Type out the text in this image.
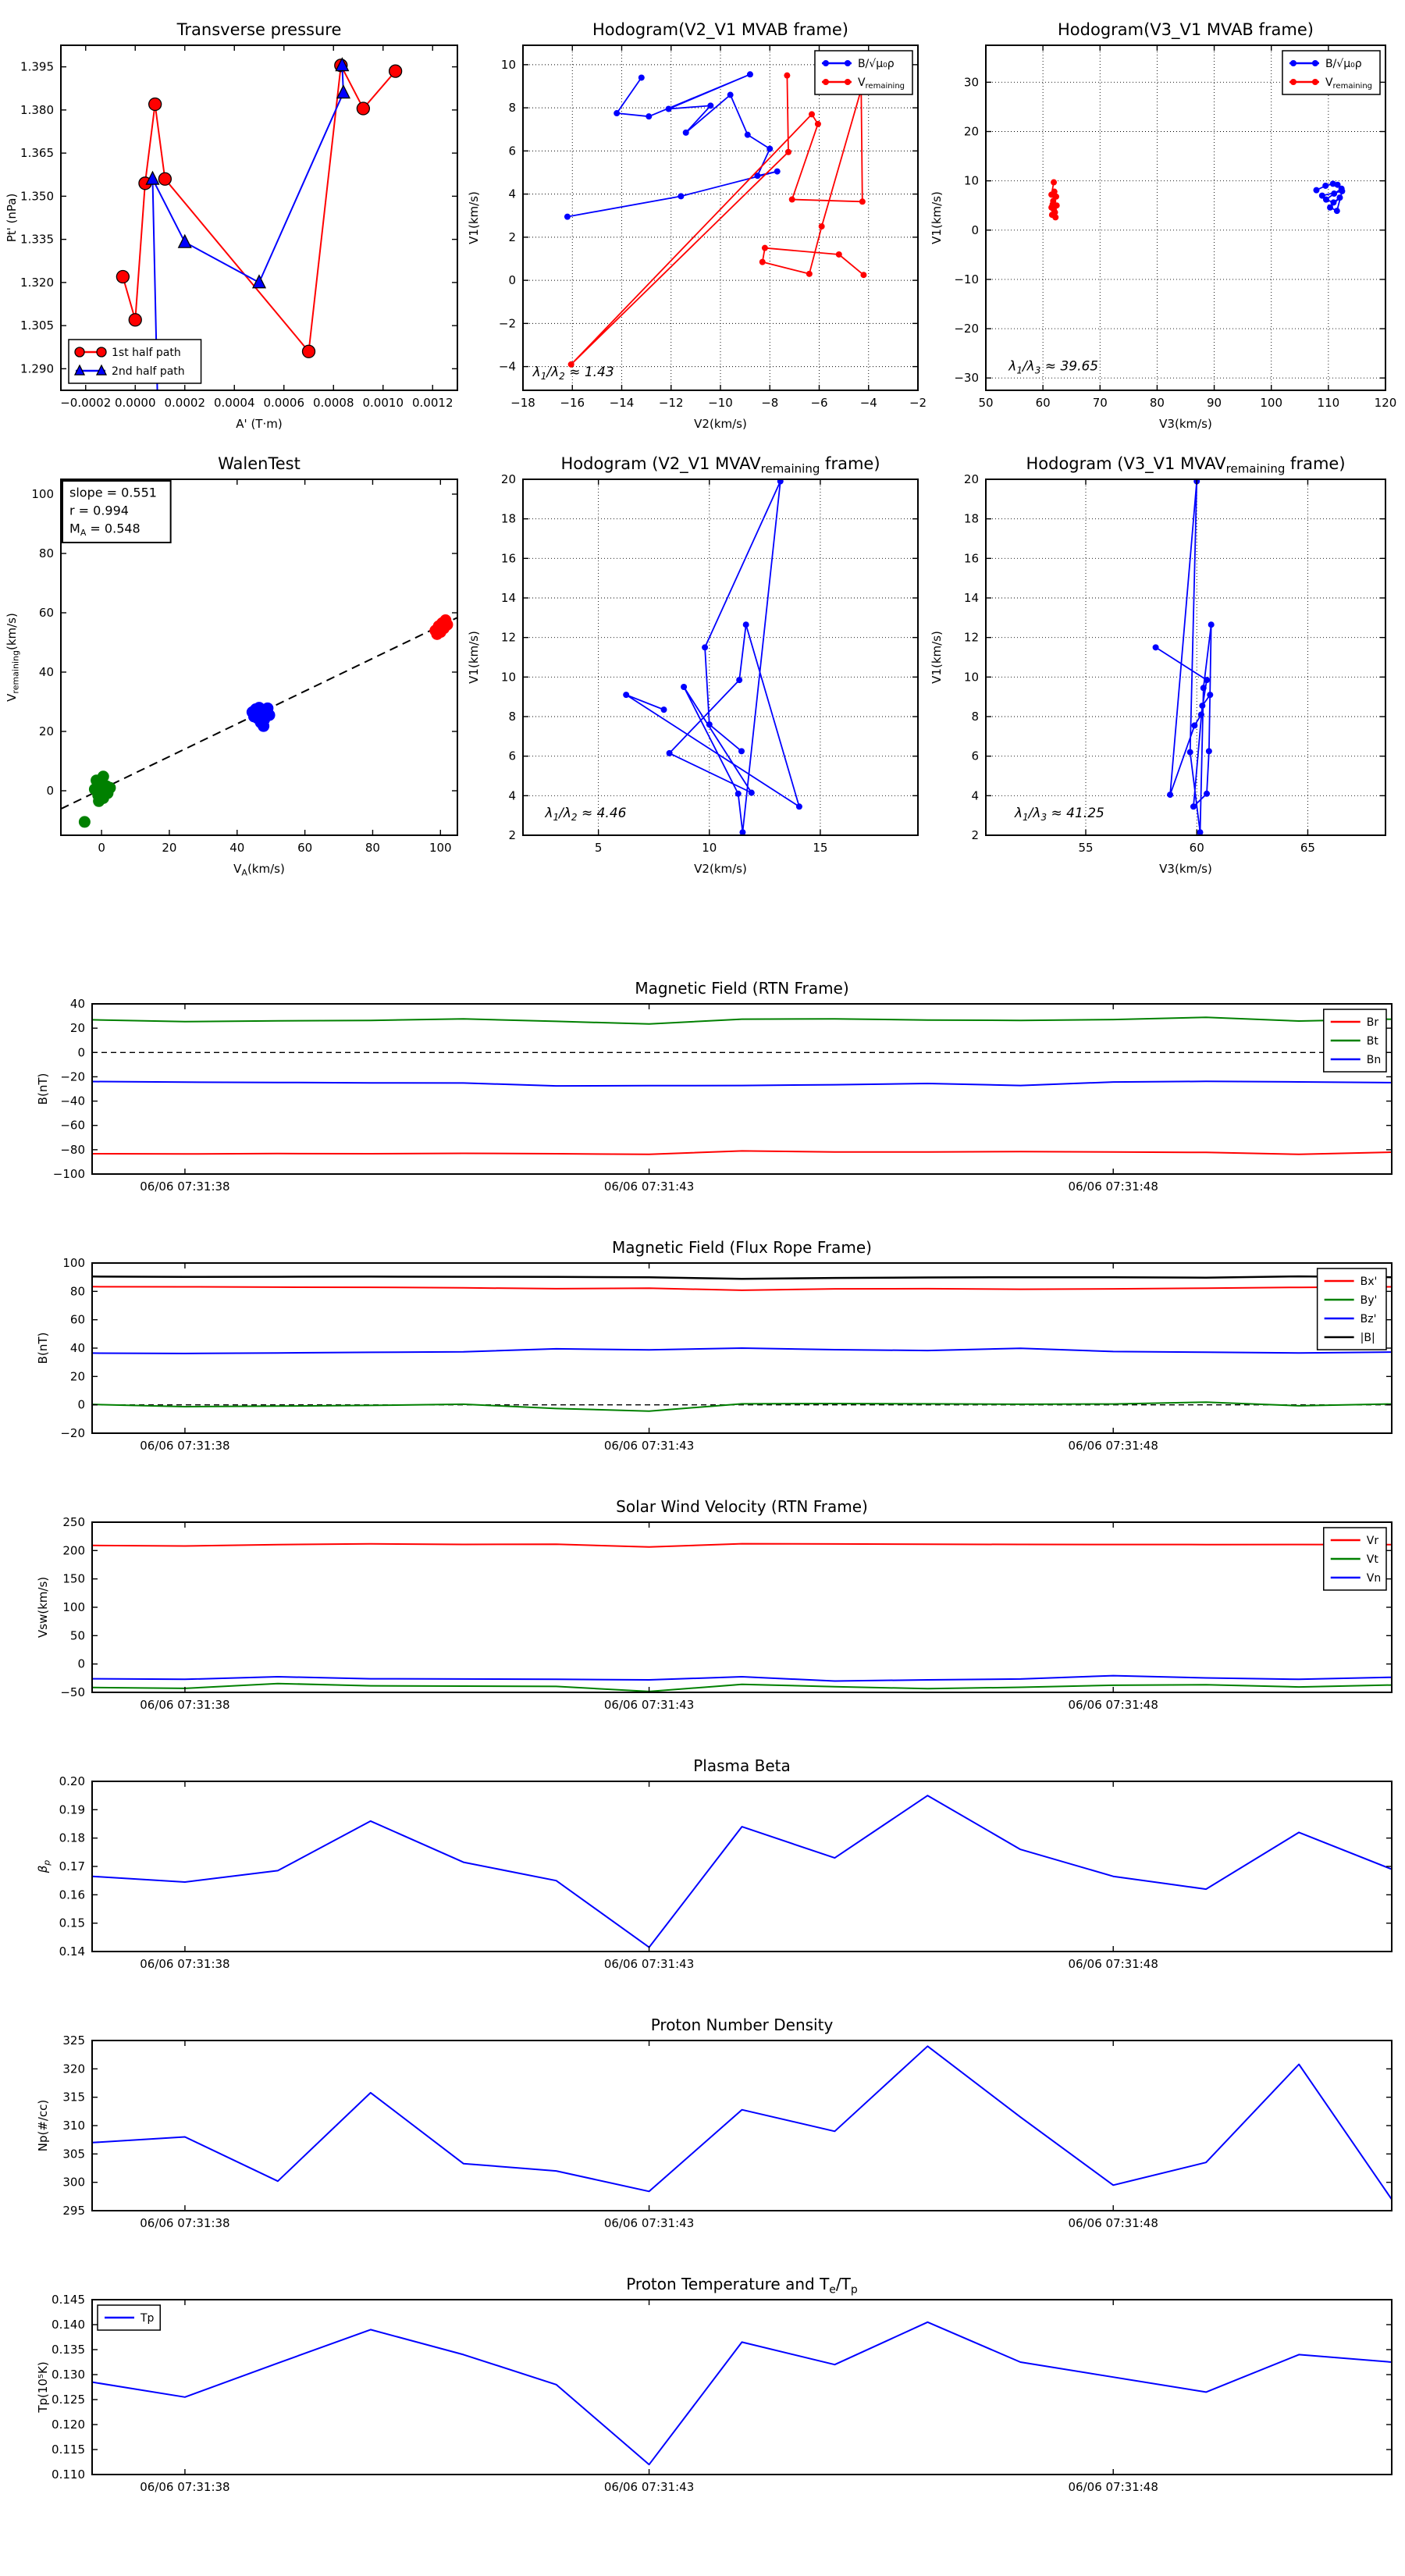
−0.0002 0.0000 0.0002 0.0004 0.0006 0.0008 0.0010 0.0012
1.290
1.305
1.320
1.335
1.350
1.365
1.380
1.395
Transverse pressure
A' (T·m)
Pt' (nPa)
1st half path
2nd half path
−18 −16 −14 −12 −10 −8	−6	−4	−2
−4
−2
0
2
4
6
8
10
Hodogram(V2_V1 MVAB frame)
V2(km/s)
V1(km/s)
$\lambda_1/\lambda_2 \approx 1.43$
B/√μ₀ρ
$V_{remaining}$
50	60	70	80	90	100	110	120
−30
−20
−10
0
10
20
30
Hodogram(V3_V1 MVAB frame)
V3(km/s)
V1(km/s)
$\lambda_1/\lambda_3 \approx 39.65$
B/√μ₀ρ
$V_{remaining}$
0	20	40	60	80	100
0
20
40
60
80
100
WalenTest
$V_A(km/s)$
$V_{remaining}(km/s)$
slope = 0.551
r = 0.994
$M_A = 0.548$
5	10	15
2
4
6
8
10
12
14
16
18
20
Hodogram (V2_V1 $MVAV_{remaining}$ frame)
V2(km/s)
V1(km/s)
$\lambda_1/\lambda_2 \approx 4.46$
55	60	65
2
4
6
8
10
12
14
16
18
20
Hodogram (V3_V1 $MVAV_{remaining}$ frame)
V3(km/s)
V1(km/s)
$\lambda_1/\lambda_3 \approx 41.25$
06/06 07:31:38	06/06 07:31:43	06/06 07:31:48
−100
−80
−60
−40
−20
0
20
40
Magnetic Field (RTN Frame)
B(nT)
Br
Bt
Bn
06/06 07:31:38	06/06 07:31:43	06/06 07:31:48
−20
0
20
40
60
80
100
Magnetic Field (Flux Rope Frame)
B(nT)
Bx'
By'
Bz'
|B|
06/06 07:31:38	06/06 07:31:43	06/06 07:31:48
−50
0
50
100
150
200
250
Solar Wind Velocity (RTN Frame)
Vsw(km/s)
Vr
Vt
Vn
06/06 07:31:38	06/06 07:31:43	06/06 07:31:48
0.14
0.15
0.16
0.17
0.18
0.19
0.20
Plasma Beta
$\beta_p$
06/06 07:31:38	06/06 07:31:43	06/06 07:31:48
295
300
305
310
315
320
325
Proton Number Density
Np(#/cc)
06/06 07:31:38	06/06 07:31:43	06/06 07:31:48
0.110
0.115
0.120
0.125
0.130
0.135
0.140
0.145
Proton Temperature and $T_e/T_p$
Tp(10⁵K)
Tp
